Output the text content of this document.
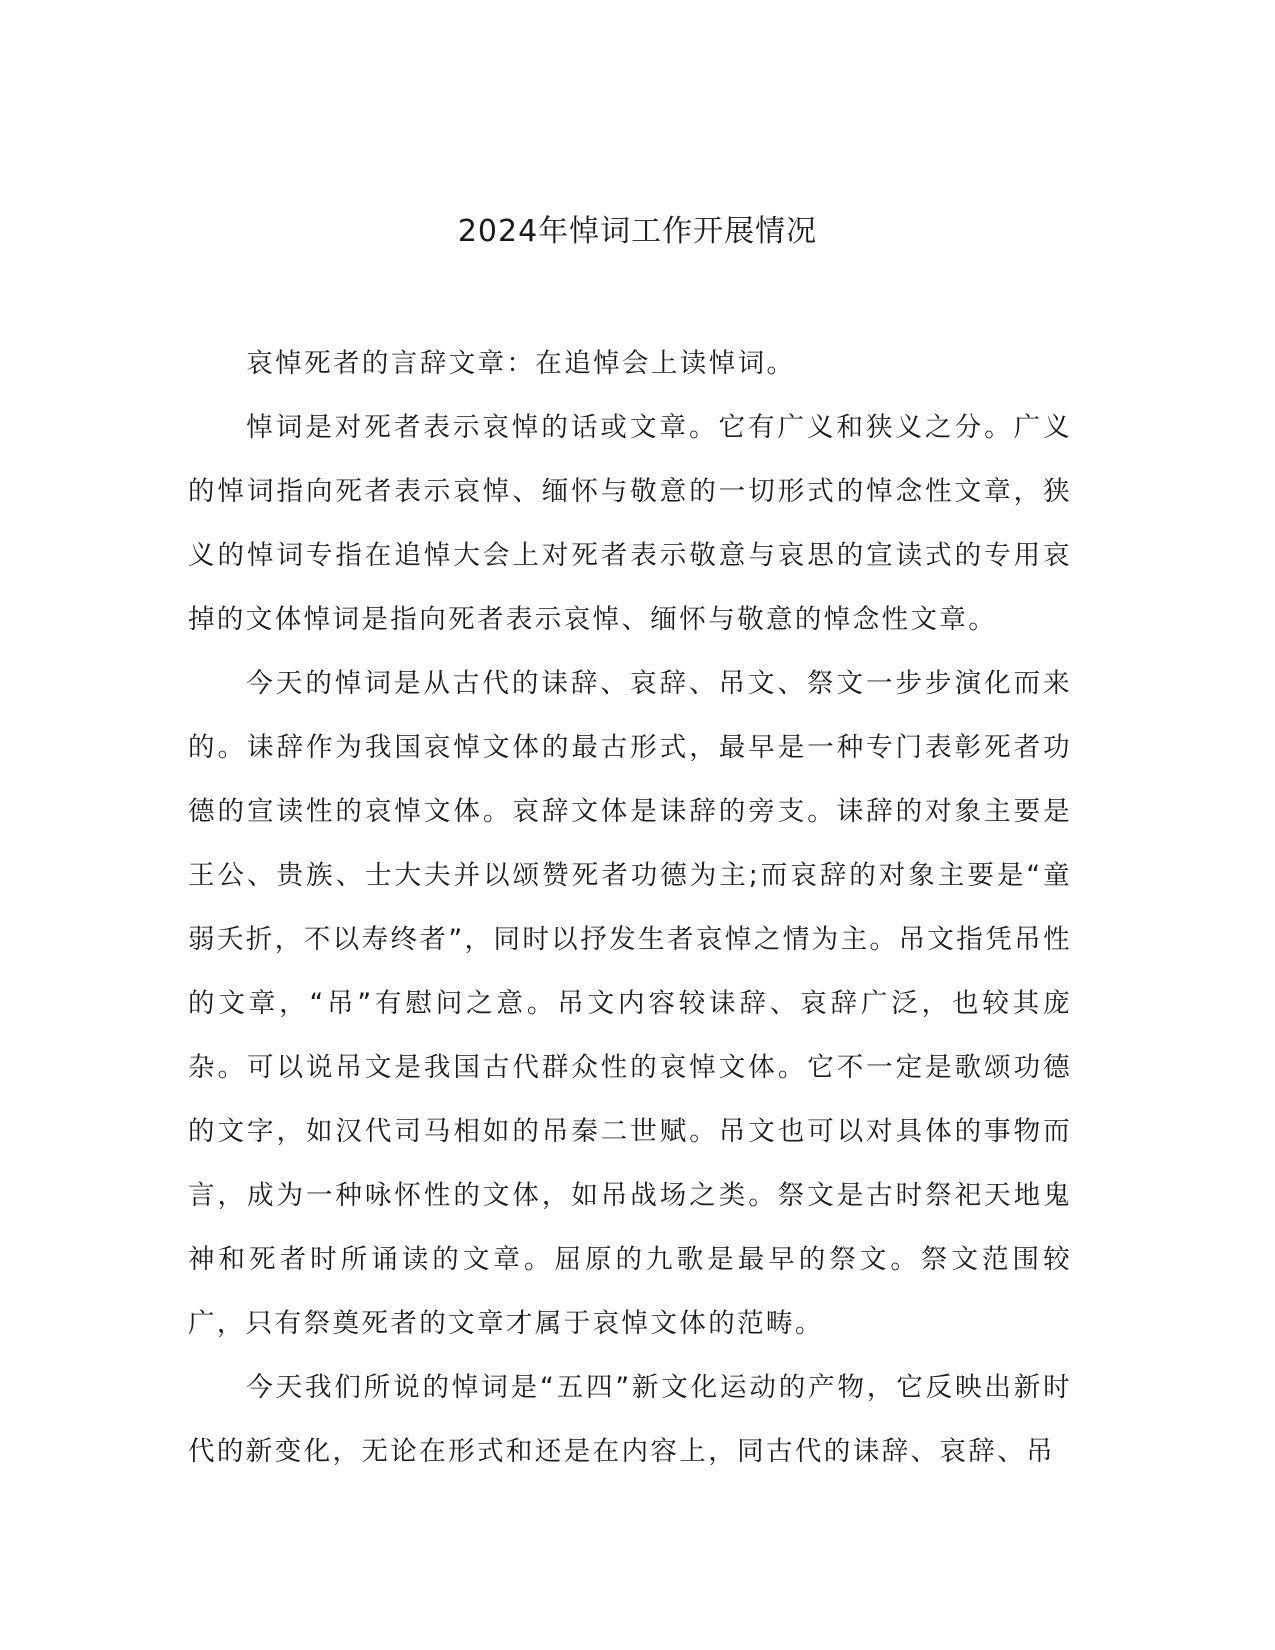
2024年悼词工作开展情况

哀悼死者的言辞文章：在追悼会上读悼词。

悼词是对死者表示哀悼的话或文章。它有广义和狭义之分。广义的悼词指向死者表示哀悼、缅怀与敬意的一切形式的悼念性文章，狭义的悼词专指在追悼大会上对死者表示敬意与哀思的宣读式的专用哀掉的文体悼词是指向死者表示哀悼、缅怀与敬意的悼念性文章。

今天的悼词是从古代的诔辞、哀辞、吊文、祭文一步步演化而来的。诔辞作为我国哀悼文体的最古形式，最早是一种专门表彰死者功德的宣读性的哀悼文体。哀辞文体是诔辞的旁支。诔辞的对象主要是王公、贵族、士大夫并以颂赞死者功德为主;而哀辞的对象主要是“童弱夭折，不以寿终者”，同时以抒发生者哀悼之情为主。吊文指凭吊性的文章，“吊”有慰问之意。吊文内容较诔辞、哀辞广泛，也较其庞杂。可以说吊文是我国古代群众性的哀悼文体。它不一定是歌颂功德的文字，如汉代司马相如的吊秦二世赋。吊文也可以对具体的事物而言，成为一种咏怀性的文体，如吊战场之类。祭文是古时祭祀天地鬼神和死者时所诵读的文章。屈原的九歌是最早的祭文。祭文范围较广，只有祭奠死者的文章才属于哀悼文体的范畴。

今天我们所说的悼词是“五四”新文化运动的产物，它反映出新时代的新变化，无论在形式和还是在内容上，同古代的诔辞、哀辞、吊
